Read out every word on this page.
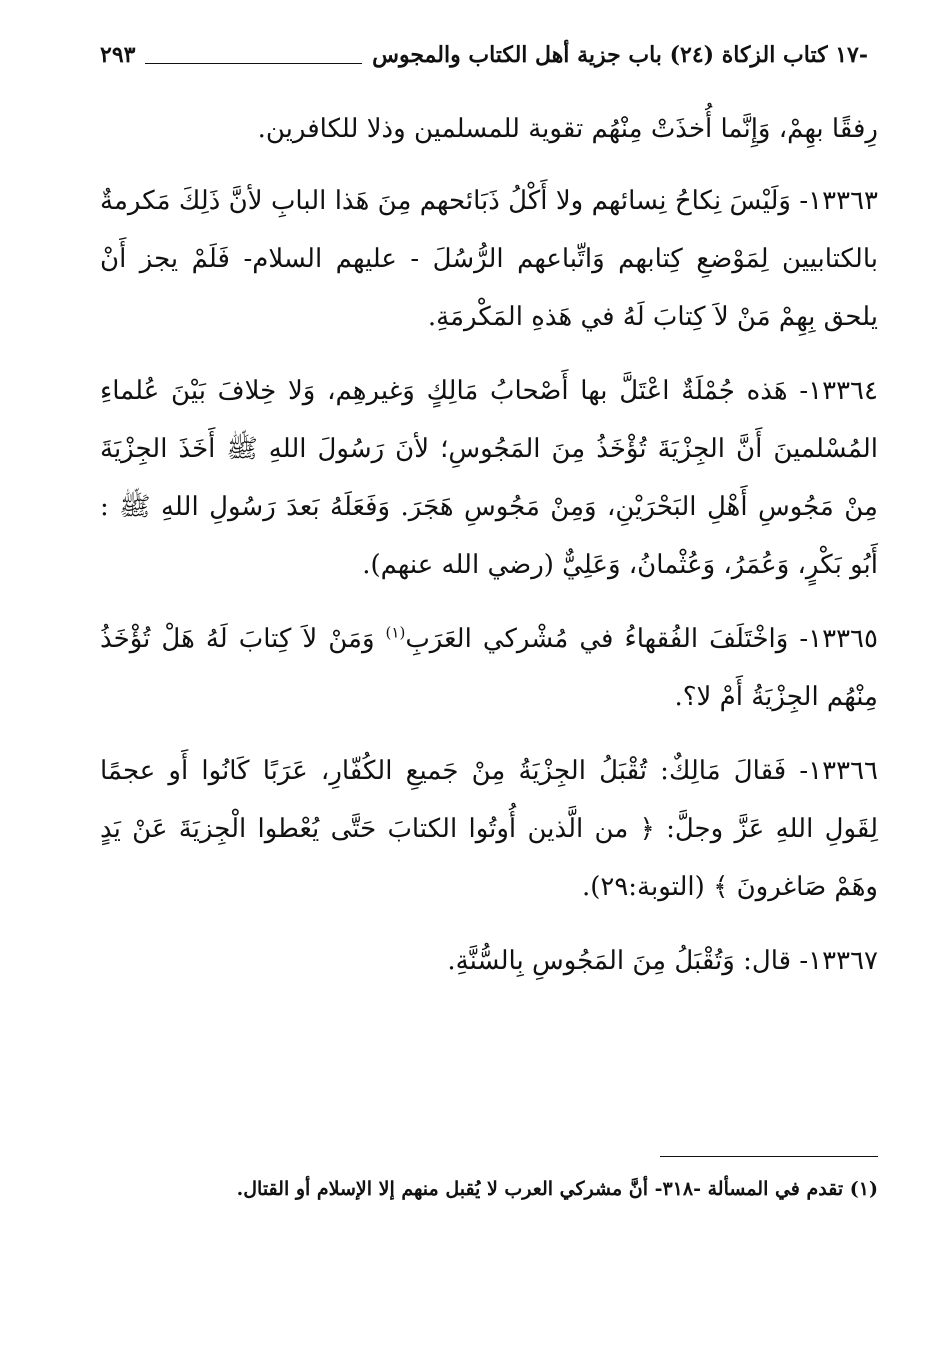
-١٧ كتاب الزكاة (٢٤) باب جزية أهل الكتاب والمجوس
٢٩٣

رِفقًا بهِمْ، وَإِنَّما أُخذَتْ مِنْهُم تقوية للمسلمين وذلا للكافرين.

١٣٣٦٣- وَلَيْسَ نِكاحُ نِسائهم ولا أَكْلُ ذَبَائحهم مِنَ هَذا البابِ لأنَّ ذَلِكَ مَكرمةٌ بالكتابيين لِمَوْضعِ كِتابهم وَاتِّباعهم الرُّسُلَ - عليهم السلام- فَلَمْ يجز أَنْ يلحق بِهِمْ مَنْ لاَ كِتابَ لَهُ في هَذهِ المَكْرمَةِ.

١٣٣٦٤- هَذه جُمْلَةٌ اعْتَلَّ بها أَصْحابُ مَالِكٍ وَغيرهِم، وَلا خِلافَ بَيْنَ عُلماءِ المُسْلمينَ أَنَّ الجِزْيَةَ تُؤْخَذُ مِنَ المَجُوسِ؛ لأنَ رَسُولَ اللهِ ﷺ أَخَذَ الجِزْيَةَ مِنْ مَجُوسِ أَهْلِ البَحْرَيْنِ، وَمِنْ مَجُوسِ هَجَرَ. وَفَعَلَهُ بَعدَ رَسُولِ اللهِ ﷺ : أَبُو بَكْرٍ، وَعُمَرُ، وَعُثْمانُ، وَعَلِيٌّ (رضي الله عنهم).

١٣٣٦٥- وَاخْتَلَفَ الفُقهاءُ في مُشْركي العَرَبِ$^{(١)}$ وَمَنْ لاَ كِتابَ لَهُ هَلْ تُؤْخَذُ مِنْهُم الجِزْيَةُ أَمْ لا؟.

١٣٣٦٦- فَقالَ مَالِكٌ: تُقْبَلُ الجِزْيَةُ مِنْ جَميعِ الكُفّارِ، عَرَبًا كَانُوا أَو عجمًا لِقَولِ اللهِ عَزَّ وجلَّ: ﴿ من الَّذين أُوتُوا الكتابَ حَتَّى يُعْطوا الْجِزيَةَ عَنْ يَدٍ وهَمْ صَاغرونَ ﴾ (التوبة:٢٩).

١٣٣٦٧- قال: وَتُقْبَلُ مِنَ المَجُوسِ بِالسُّنَّةِ.

(١) تقدم في المسألة -٣١٨- أنَّ مشركي العرب لا يُقبل منهم إلا الإسلام أو القتال.
